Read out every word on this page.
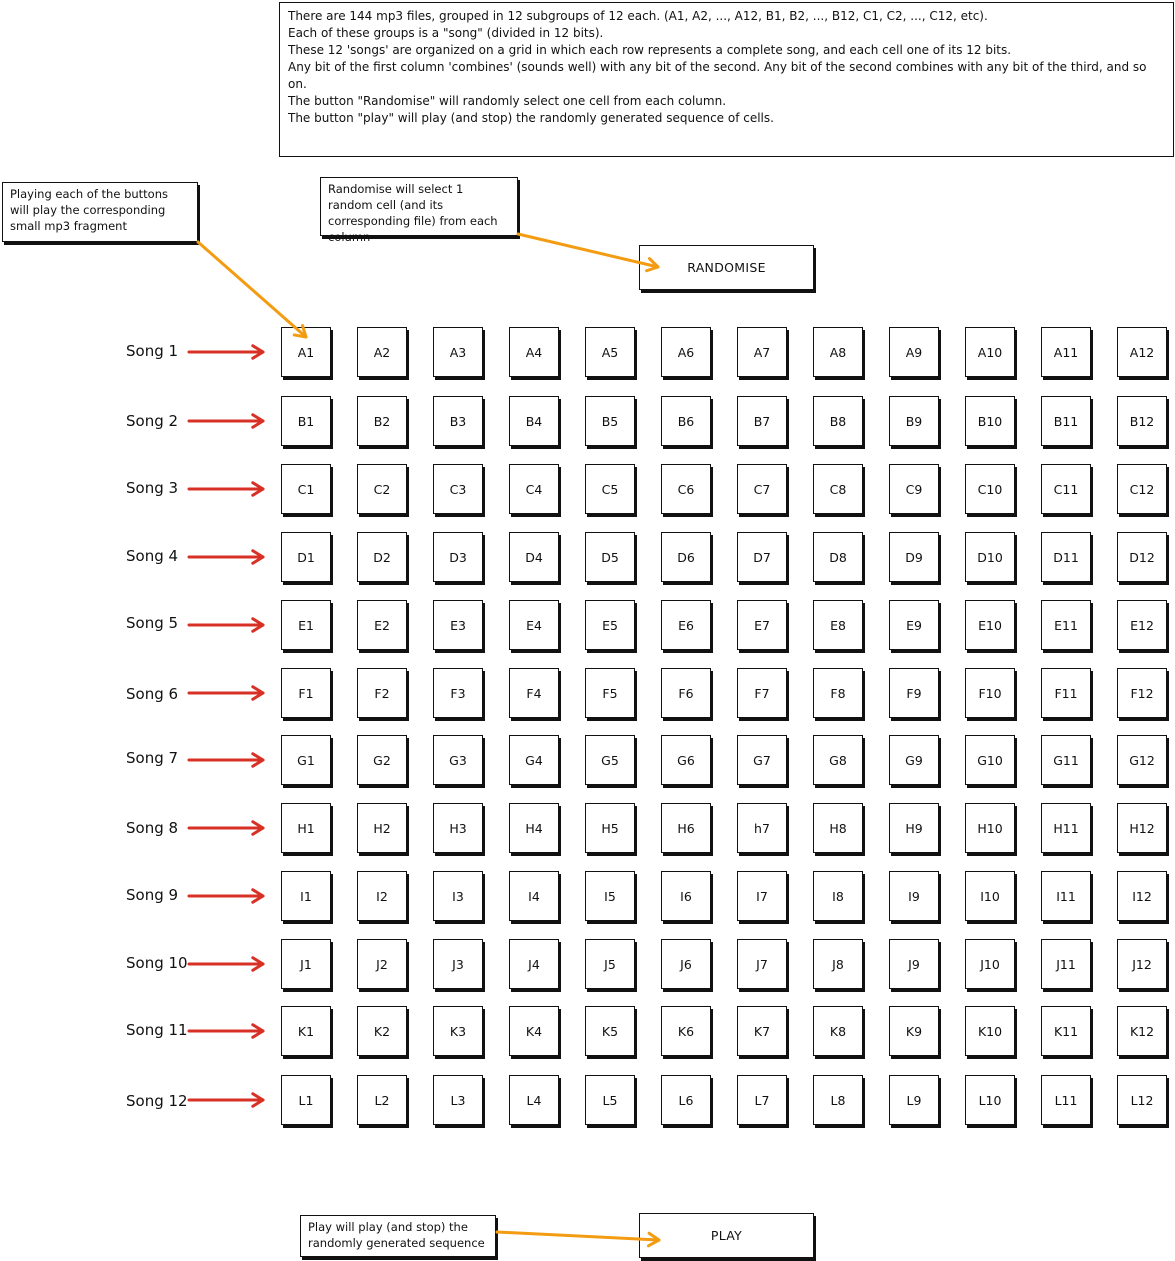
There are 144 mp3 files, grouped in 12 subgroups of 12 each. (A1, A2, ..., A12, B1, B2, ..., B12, C1, C2, ..., C12, etc).

Each of these groups is a "song" (divided in 12 bits).

These 12 'songs' are organized on a grid in which each row represents a complete song, and each cell one of its 12 bits.

Any bit of the first column 'combines' (sounds well) with any bit of the second. Any bit of the second combines with any bit of the third, and so on.

The button "Randomise" will randomly select one cell from each column.

The button "play" will play (and stop) the randomly generated sequence of cells.

Playing each of the buttons will play the corresponding small mp3 fragment
Randomise will select 1 random cell (and its corresponding file) from each column
RANDOMISE
Play will play (and stop) the randomly generated sequence	PLAY
Song 1	A1	A2	A3	A4	A5	A6	A7	A8	A9	A10	A11	A12
Song 2	B1	B2	B3	B4	B5	B6	B7	B8	B9	B10	B11	B12
Song 3	C1	C2	C3	C4	C5	C6	C7	C8	C9	C10	C11	C12
Song 4	D1	D2	D3	D4	D5	D6	D7	D8	D9	D10	D11	D12
Song 5	E1	E2	E3	E4	E5	E6	E7	E8	E9	E10	E11	E12
Song 6	F1	F2	F3	F4	F5	F6	F7	F8	F9	F10	F11	F12
Song 7	G1	G2	G3	G4	G5	G6	G7	G8	G9	G10	G11	G12
Song 8	H1	H2	H3	H4	H5	H6	h7	H8	H9	H10	H11	H12
Song 9	I1	I2	I3	I4	I5	I6	I7	I8	I9	I10	I11	I12
Song 10	J1	J2	J3	J4	J5	J6	J7	J8	J9	J10	J11	J12
Song 11	K1	K2	K3	K4	K5	K6	K7	K8	K9	K10	K11	K12
Song 12	L1	L2	L3	L4	L5	L6	L7	L8	L9	L10	L11	L12
